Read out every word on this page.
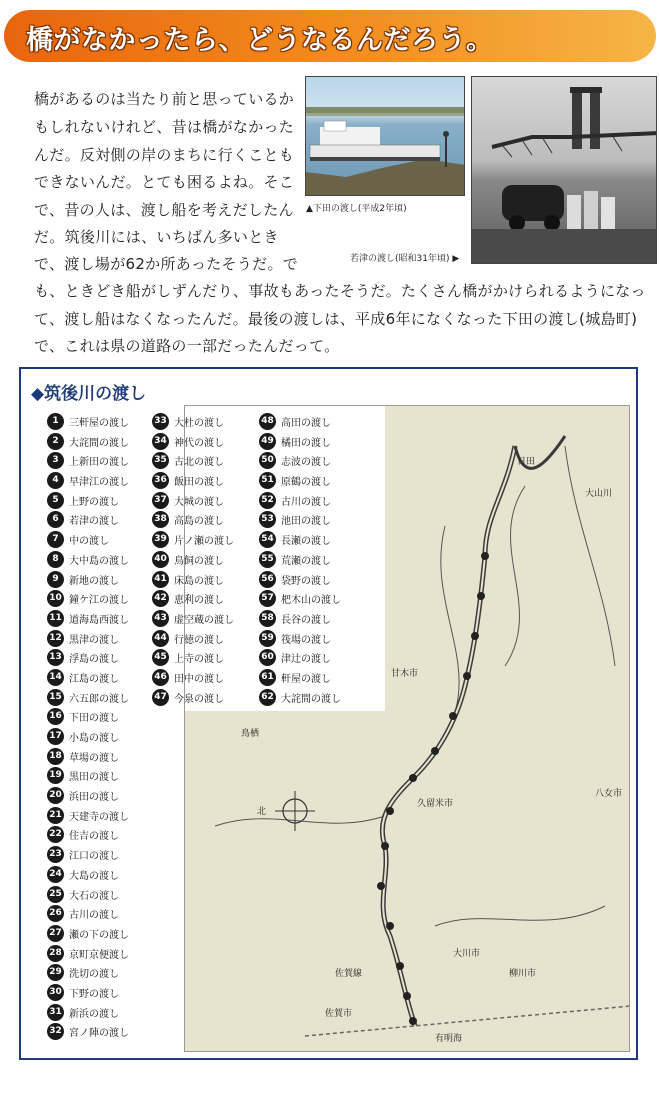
橋がなかったら、どうなるんだろう。
橋があるのは当たり前と思っているか
もしれないけれど、昔は橋がなかった
んだ。反対側の岸のまちに行くことも
できないんだ。とても困るよね。そこ
で、昔の人は、渡し船を考えだしたん
だ。筑後川には、いちばん多いとき
で、渡し場が62か所あったそうだ。で
も、ときどき船がしずんだり、事故もあったそうだ。たくさん橋がかけられるようになっ
て、渡し船はなくなったんだ。最後の渡しは、平成6年になくなった下田の渡し(城島町)
で、これは県の道路の一部だったんだって。
▲下田の渡し(平成2年頃)
若津の渡し(昭和31年頃) ▶
◆筑後川の渡し
日田
大山川
甘木市
久留米市
有明海
佐賀市
大川市
柳川市
八女市
鳥栖
佐賀線
北
1 三軒屋の渡し
2 大詫間の渡し
3 上新田の渡し
4 早津江の渡し
5 上野の渡し
6 若津の渡し
7 中の渡し
8 大中島の渡し
9 新地の渡し
10 鐘ケ江の渡し
11 道海島西渡し
12 黒津の渡し
13 浮島の渡し
14 江島の渡し
15 六五郎の渡し
16 下田の渡し
17 小島の渡し
18 草場の渡し
19 黒田の渡し
20 浜田の渡し
21 天建寺の渡し
22 住吉の渡し
23 江口の渡し
24 大島の渡し
25 大石の渡し
26 古川の渡し
27 瀬の下の渡し
28 京町京便渡し
29 洗切の渡し
30 下野の渡し
31 新浜の渡し
32 宮ノ陣の渡し
33 大杜の渡し
34 神代の渡し
35 古北の渡し
36 飯田の渡し
37 大城の渡し
38 高島の渡し
39 片ノ瀬の渡し
40 鳥飼の渡し
41 床島の渡し
42 恵利の渡し
43 虚空蔵の渡し
44 行徳の渡し
45 上寺の渡し
46 田中の渡し
47 今泉の渡し
48 高田の渡し
49 橘田の渡し
50 志波の渡し
51 原鶴の渡し
52 古川の渡し
53 池田の渡し
54 長瀬の渡し
55 荒瀬の渡し
56 袋野の渡し
57 杷木山の渡し
58 長谷の渡し
59 筏場の渡し
60 津辻の渡し
61 軒屋の渡し
62 大詫間の渡し
